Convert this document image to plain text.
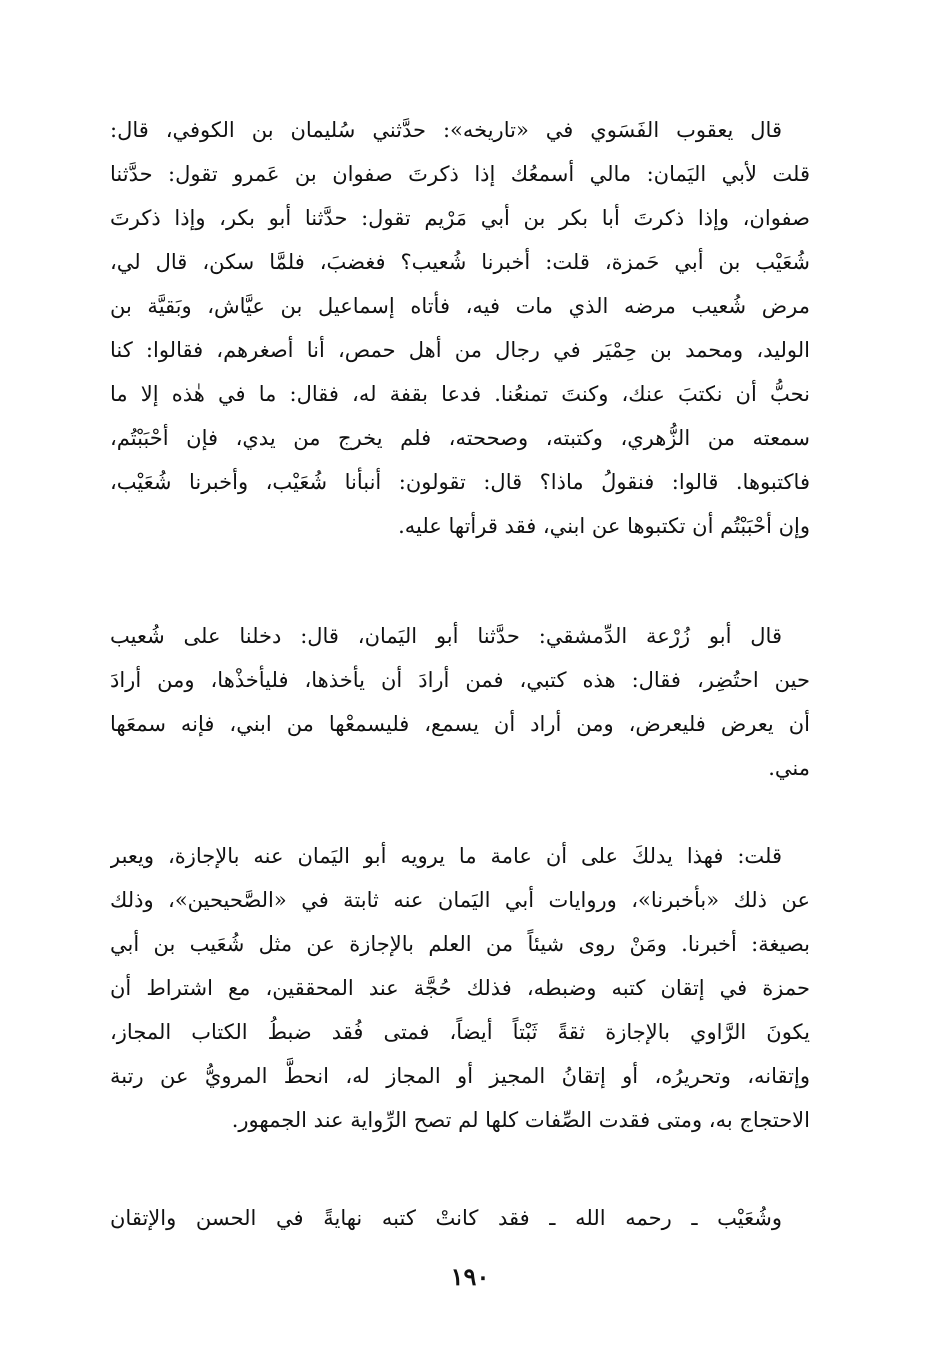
قال يعقوب الفَسَوي في «تاريخه»: حدَّثني سُليمان بن الكوفي، قال:
قلت لأبي اليَمان: مالي أسمعُك إذا ذكرتَ صفوان بن عَمرو تقول: حدَّثنا
صفوان، وإذا ذكرتَ أبا بكر بن أبي مَرْيم تقول: حدَّثنا أبو بكر، وإذا ذكرتَ
شُعَيْب بن أبي حَمزة، قلت: أخبرنا شُعيب؟ فغضبَ، فلمَّا سكن، قال لي،
مرض شُعيب مرضه الذي مات فيه، فأتاه إسماعيل بن عيَّاش، وبَقيَّة بن
الوليد، ومحمد بن حِمْيَر في رجال من أهل حمص، أنا أصغرهم، فقالوا: كنا
نحبُّ أن نكتبَ عنك، وكنتَ تمنعُنا. فدعا بقفة له، فقال: ما في هٰذه إلا ما
سمعته من الزُّهري، وكتبته، وصححته، فلم يخرج من يدي، فإن أحْبَبْتُم،
فاكتبوها. قالوا: فنقولُ ماذا؟ قال: تقولون: أنبأنا شُعَيْب، وأخبرنا شُعَيْب،
وإن أحْبَبْتُم أن تكتبوها عن ابني، فقد قرأتها عليه.
قال أبو زُرْعة الدِّمشقي: حدَّثنا أبو اليَمان، قال: دخلنا على شُعيب
حين احتُضِر، فقال: هذه كتبي، فمن أرادَ أن يأخذها، فليأخذْها، ومن أرادَ
أن يعرض فليعرض، ومن أراد أن يسمع، فليسمعْها من ابني، فإنه سمعَها
مني.
قلت: فهذا يدلكَ على أن عامة ما يرويه أبو اليَمان عنه بالإجازة، ويعبر
عن ذلك «بأخبرنا»، وروايات أبي اليَمان عنه ثابتة في «الصَّحيحين»، وذلك
بصيغة: أخبرنا. ومَنْ روى شيئاً من العلم بالإجازة عن مثل شُعَيب بن أبي
حمزة في إتقان كتبه وضبطه، فذلك حُجَّة عند المحققين، مع اشتراط أن
يكونَ الرَّاوي بالإجازة ثقةً ثَبْتاً أيضاً، فمتى فُقد ضبطُ الكتاب المجاز،
وإتقانه، وتحريرُه، أو إتقانُ المجيز أو المجاز له، انحطَّ المرويُّ عن رتبة
الاحتجاج به، ومتى فقدت الصِّفات كلها لم تصح الرِّواية عند الجمهور.
وشُعَيْب ـ رحمه الله ـ فقد كانتْ كتبه نهايةً في الحسن والإتقان
١٩٠
